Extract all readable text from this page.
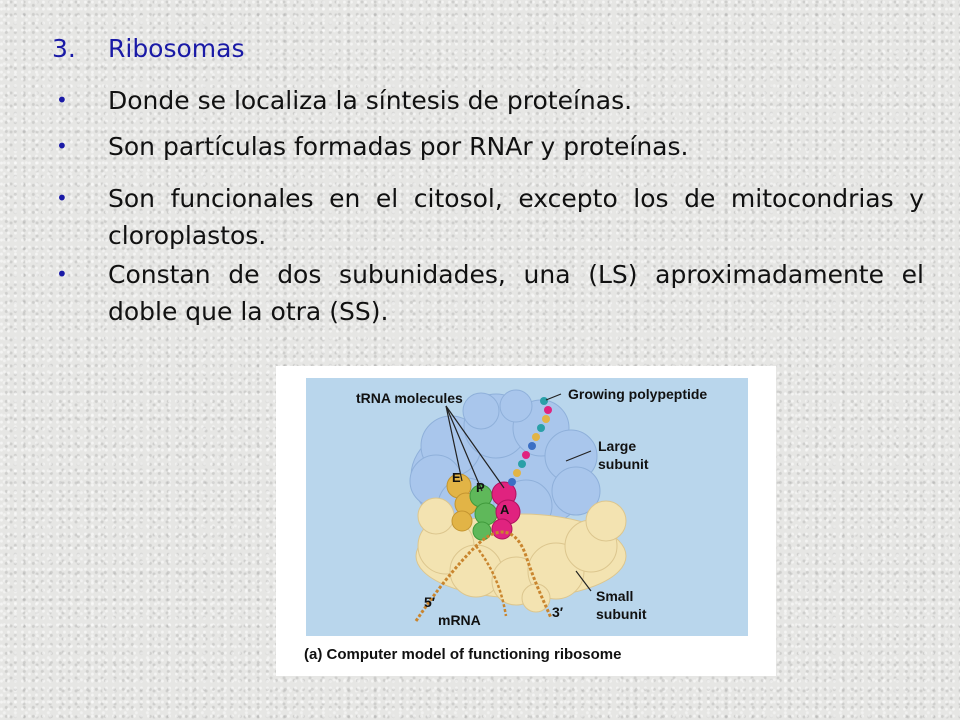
3. Ribosomas
• Donde se localiza la síntesis de proteínas.
• Son partículas formadas por RNAr y proteínas.
• Son funcionales en el citosol, excepto los de mitocondrias y cloroplastos.
• Constan de dos subunidades, una (LS) aproximadamente el doble que la otra (SS).
tRNA molecules	Growing polypeptide
Large
subunit
Small
subunit
5′
mRNA	3′
E
P
A
(a) Computer model of functioning ribosome
